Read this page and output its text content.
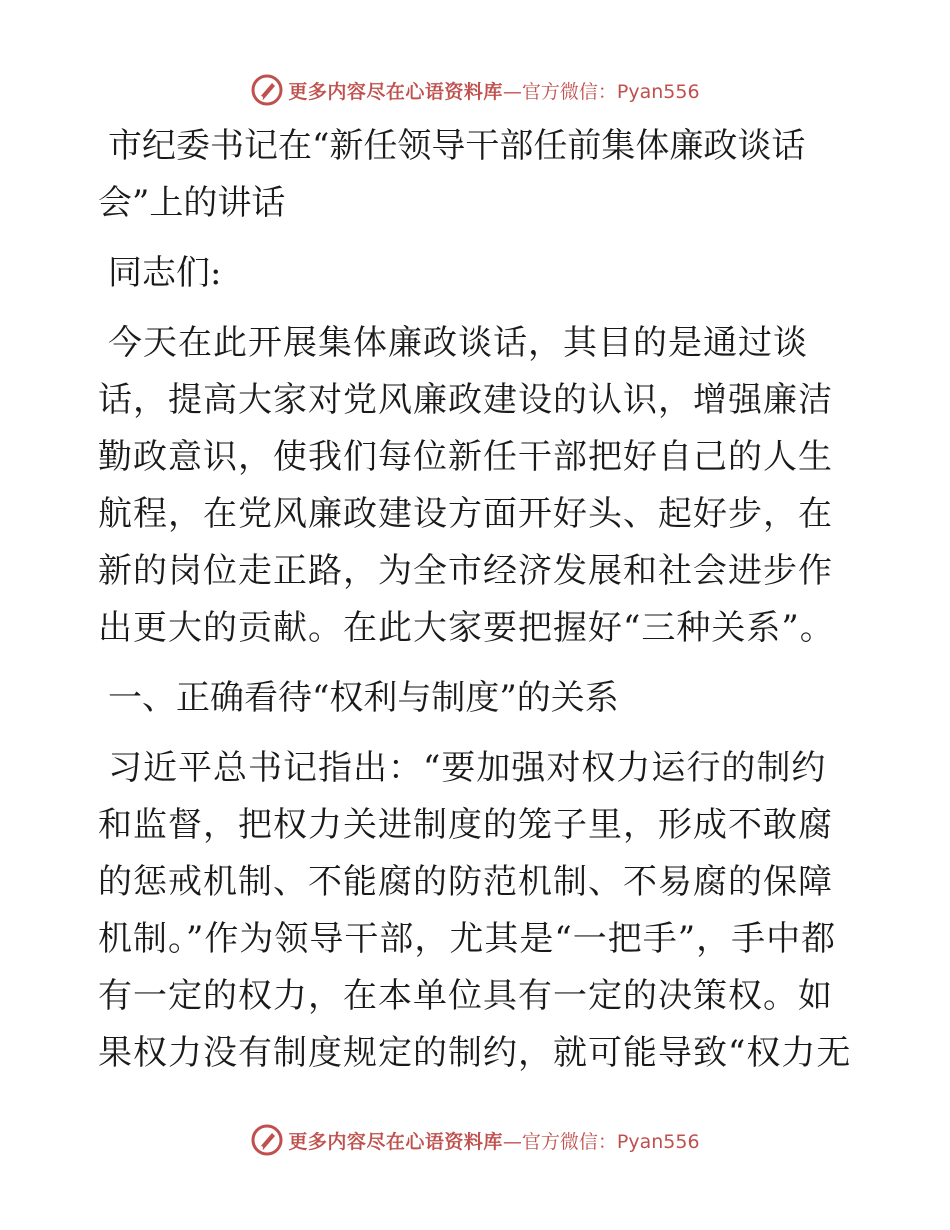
更多内容尽在心语资料库 —官方微信：Pyan556

市纪委书记在“新任领导干部任前集体廉政谈话
会”上的讲话

同志们:

今天在此开展集体廉政谈话，其目的是通过谈话，提高大家对党风廉政建设的认识，增强廉洁勤政意识，使我们每位新任干部把好自己的人生航程，在党风廉政建设方面开好头、起好步，在新的岗位走正路，为全市经济发展和社会进步作出更大的贡献。在此大家要把握好“三种关系”。

一、正确看待“权利与制度”的关系

习近平总书记指出：“要加强对权力运行的制约和监督，把权力关进制度的笼子里，形成不敢腐的惩戒机制、不能腐的防范机制、不易腐的保障机制。”作为领导干部，尤其是“一把手”，手中都有一定的权力，在本单位具有一定的决策权。如果权力没有制度规定的制约，就可能导致“权力无

更多内容尽在心语资料库 —官方微信：Pyan556
